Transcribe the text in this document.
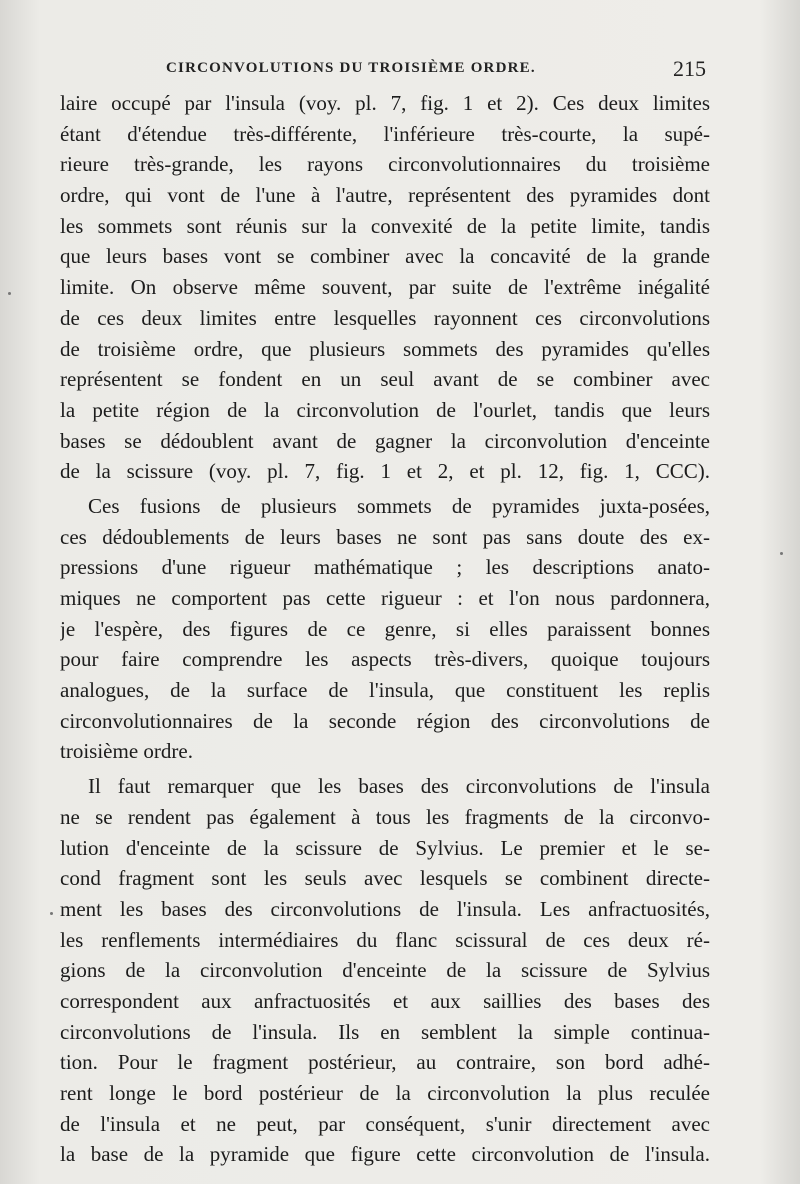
CIRCONVOLUTIONS DU TROISIÈME ORDRE.	215
laire occupé par l'insula (voy. pl. 7, fig. 1 et 2). Ces deux limites
étant d'étendue très-différente, l'inférieure très-courte, la supé-
rieure très-grande, les rayons circonvolutionnaires du troisième
ordre, qui vont de l'une à l'autre, représentent des pyramides dont
les sommets sont réunis sur la convexité de la petite limite, tandis
que leurs bases vont se combiner avec la concavité de la grande
limite. On observe même souvent, par suite de l'extrême inégalité
de ces deux limites entre lesquelles rayonnent ces circonvolutions
de troisième ordre, que plusieurs sommets des pyramides qu'elles
représentent se fondent en un seul avant de se combiner avec
la petite région de la circonvolution de l'ourlet, tandis que leurs
bases se dédoublent avant de gagner la circonvolution d'enceinte
de la scissure (voy. pl. 7, fig. 1 et 2, et pl. 12, fig. 1, CCC).
Ces fusions de plusieurs sommets de pyramides juxta-posées,
ces dédoublements de leurs bases ne sont pas sans doute des ex-
pressions d'une rigueur mathématique ; les descriptions anato-
miques ne comportent pas cette rigueur : et l'on nous pardonnera,
je l'espère, des figures de ce genre, si elles paraissent bonnes
pour faire comprendre les aspects très-divers, quoique toujours
analogues, de la surface de l'insula, que constituent les replis
circonvolutionnaires de la seconde région des circonvolutions de
troisième ordre.
Il faut remarquer que les bases des circonvolutions de l'insula
ne se rendent pas également à tous les fragments de la circonvo-
lution d'enceinte de la scissure de Sylvius. Le premier et le se-
cond fragment sont les seuls avec lesquels se combinent directe-
ment les bases des circonvolutions de l'insula. Les anfractuosités,
les renflements intermédiaires du flanc scissural de ces deux ré-
gions de la circonvolution d'enceinte de la scissure de Sylvius
correspondent aux anfractuosités et aux saillies des bases des
circonvolutions de l'insula. Ils en semblent la simple continua-
tion. Pour le fragment postérieur, au contraire, son bord adhé-
rent longe le bord postérieur de la circonvolution la plus reculée
de l'insula et ne peut, par conséquent, s'unir directement avec
la base de la pyramide que figure cette circonvolution de l'insula.
